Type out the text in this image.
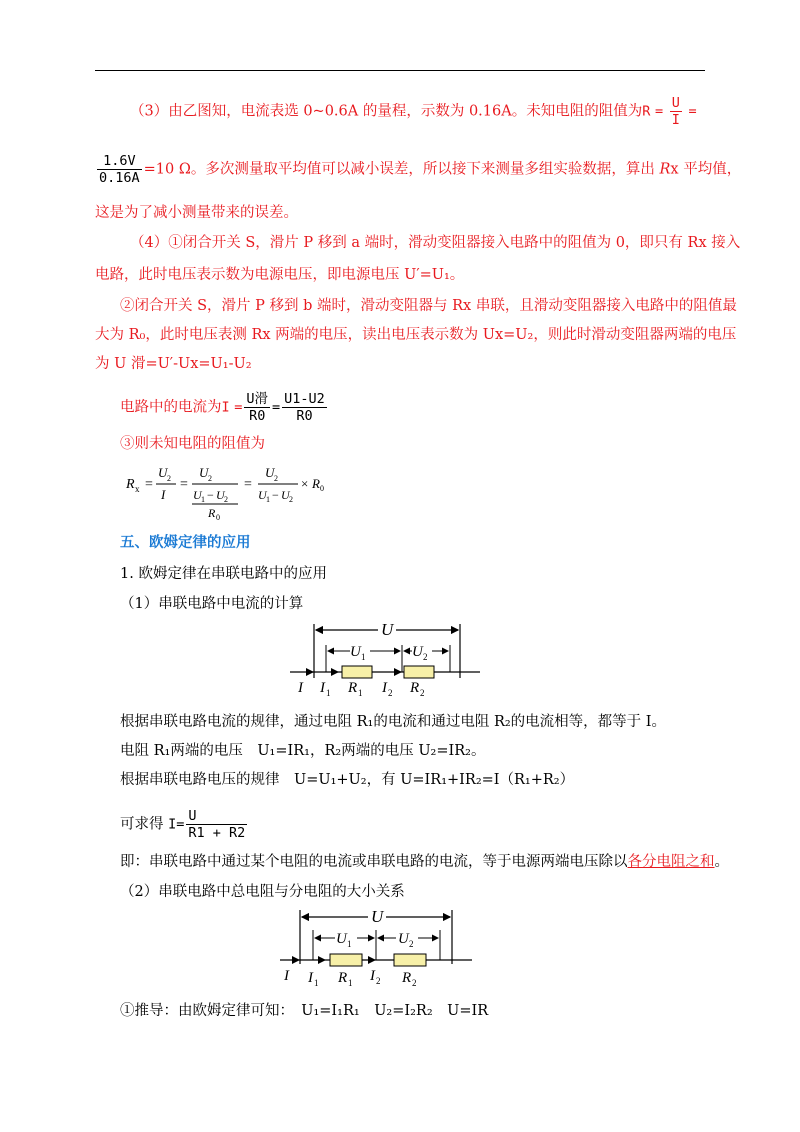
（3）由乙图知，电流表选 0~0.6A 的量程，示数为 0.16A。未知电阻的阻值为$R = \frac{U}{I}$ =
$\frac{1.6V}{0.16A} =10$ Ω。多次测量取平均值可以减小误差，所以接下来测量多组实验数据，算出 Rx 平均值，
这是为了减小测量带来的误差。
（4）①闭合开关 S，滑片 P 移到 a 端时，滑动变阻器接入电路中的阻值为 0，即只有 Rx 接入
电路，此时电压表示数为电源电压，即电源电压 U′=U₁。
②闭合开关 S，滑片 P 移到 b 端时，滑动变阻器与 Rx 串联，且滑动变阻器接入电路中的阻值最
大为 R₀，此时电压表测 Rx 两端的电压，读出电压表示数为 Ux=U₂，则此时滑动变阻器两端的电压
为 U 滑=U′-Ux=U₁-U₂
电路中的电流为$I = \frac{\text{U滑}}{R0} = \frac{U1-U2}{R0}$
③则未知电阻的阻值为
R x =
U 2
I
=
U 2
U 1 − U 2
R 0
=
U 2
U 1 − U 2
× R 0
五、欧姆定律的应用
1. 欧姆定律在串联电路中的应用
（1）串联电路中电流的计算
U
U 1	U 2
I I 1 R 1 I 2 R 2
根据串联电路电流的规律，通过电阻 R₁的电流和通过电阻 R₂的电流相等，都等于 I。
电阻 R₁两端的电压　U₁=IR₁，R₂两端的电压 U₂=IR₂。
根据串联电路电压的规律　U=U₁+U₂，有 U=IR₁+IR₂=I（R₁+R₂）
可求得 $I= \frac{U}{R1 + R2}$
即：串联电路中通过某个电阻的电流或串联电路的电流，等于电源两端电压除以各分电阻之和。
（2）串联电路中总电阻与分电阻的大小关系
U
U 1	U 2
I I 1 R 1 I 2 R 2
①推导：由欧姆定律可知：　U₁=I₁R₁　U₂=I₂R₂　U=IR
